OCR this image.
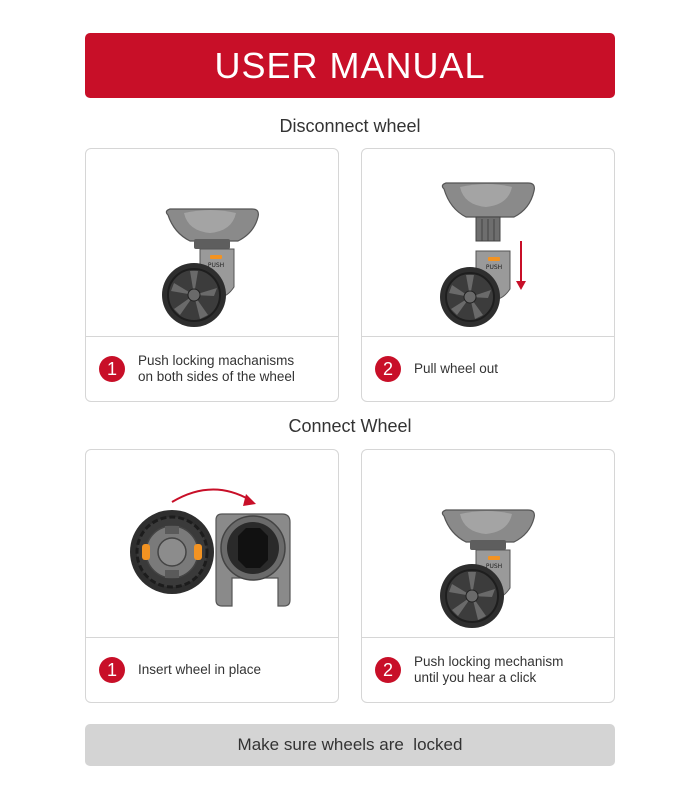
USER MANUAL
Disconnect wheel
PUSH
1	Push locking machanisms
on both sides of the wheel
PUSH
2	Pull wheel out
Connect Wheel
1	Insert wheel in place
PUSH
2	Push locking mechanism
until you hear a click
Make sure wheels are  locked
